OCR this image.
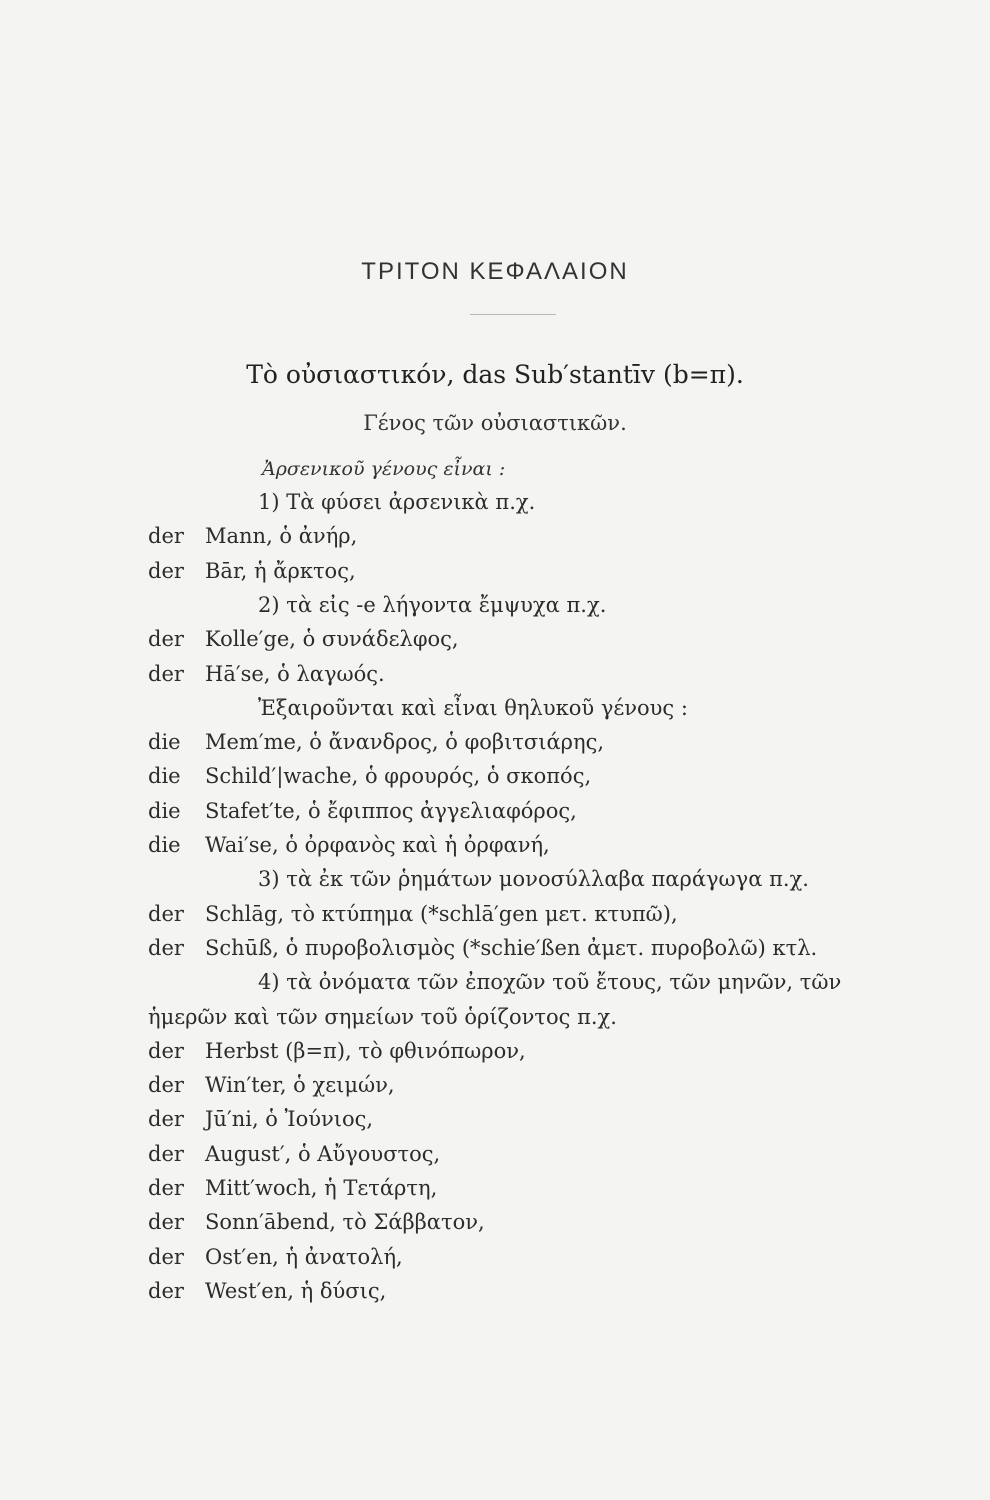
ΤΡΙΤΟΝ ΚΕΦΑΛΑΙΟΝ
Τὸ οὐσιαστικόν, das Sub′stantīv (b=π).
Γένος τῶν οὐσιαστικῶν.
Ἀρσενικοῦ γένους εἶναι :
1) Τὰ φύσει ἀρσενικὰ π.χ.
der Mann, ὁ ἀνήρ,
der Bār, ἡ ἄρκτος,
2) τὰ εἰς -e λήγοντα ἔμψυχα π.χ.
der Kolle′ge, ὁ συνάδελφος,
der Hā′se, ὁ λαγωός.
Ἐξαιροῦνται καὶ εἶναι θηλυκοῦ γένους :
die Mem′me, ὁ ἄνανδρος, ὁ φοβιτσιάρης,
die Schild′|wache, ὁ φρουρός, ὁ σκοπός,
die Stafet′te, ὁ ἔφιππος ἀγγελιαφόρος,
die Wai′se, ὁ ὀρφανὸς καὶ ἡ ὀρφανή,
3) τὰ ἐκ τῶν ῥημάτων μονοσύλλαβα παράγωγα π.χ.
der Schlāg, τὸ κτύπημα (*schlā′gen μετ. κτυπῶ),
der Schūß, ὁ πυροβολισμὸς (*schie′ßen ἀμετ. πυροβολῶ) κτλ.
4) τὰ ὀνόματα τῶν ἐποχῶν τοῦ ἔτους, τῶν μηνῶν, τῶν
ἡμερῶν καὶ τῶν σημείων τοῦ ὁρίζοντος π.χ.
der Herbst (β=π), τὸ φθινόπωρον,
der Win′ter, ὁ χειμών,
der Jū′ni, ὁ Ἰούνιος,
der August′, ὁ Αὔγουστος,
der Mitt′woch, ἡ Τετάρτη,
der Sonn′ābend, τὸ Σάββατον,
der Ost′en, ἡ ἀνατολή,
der West′en, ἡ δύσις,
